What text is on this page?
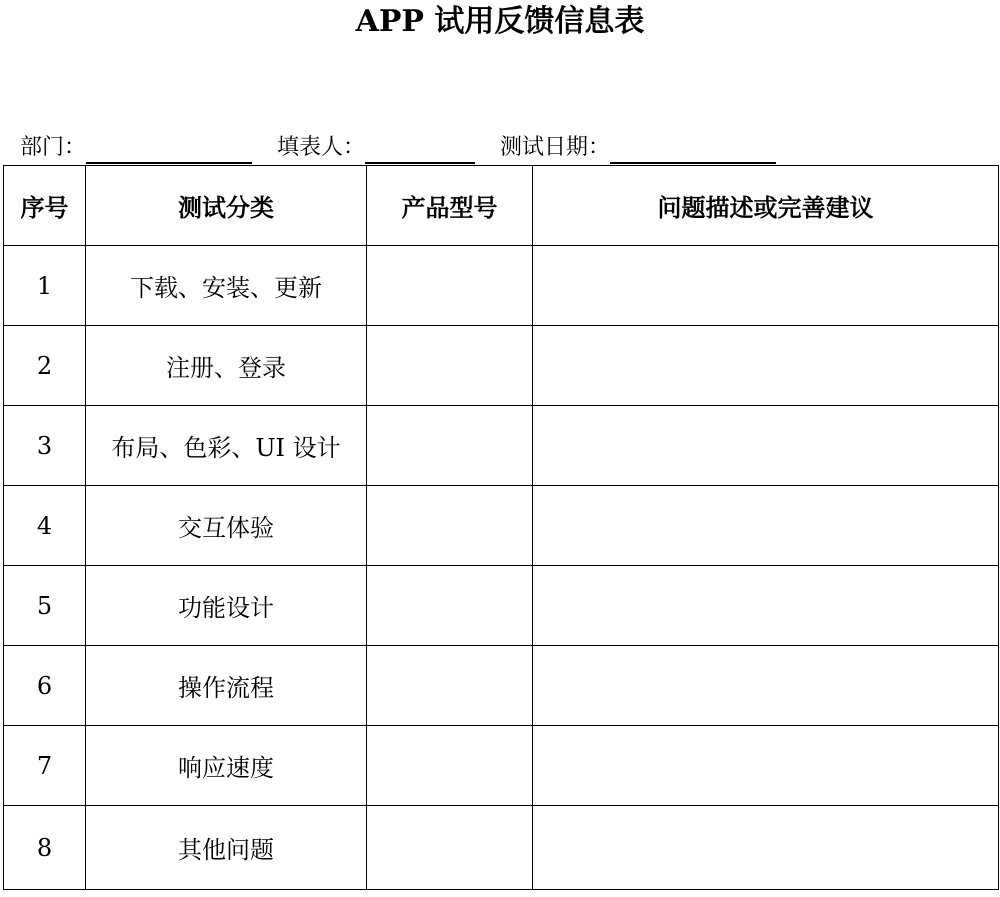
APP 试用反馈信息表
部门：	填表人：	测试日期：
序号	测试分类	产品型号	问题描述或完善建议
1	下载、安装、更新		
2	注册、登录		
3	布局、色彩、UI 设计		
4	交互体验		
5	功能设计		
6	操作流程		
7	响应速度		
8	其他问题		
